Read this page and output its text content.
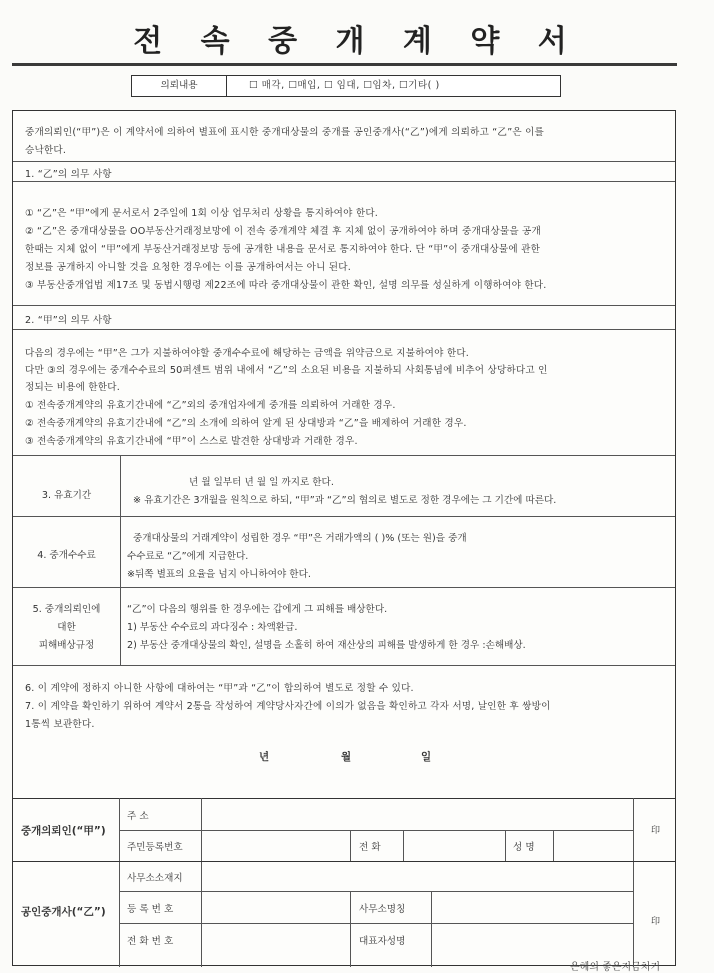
전 속 중 개 계 약 서
의뢰내용	☐ 매각, ☐매입, ☐ 임대, ☐임차, ☐기타( )
중개의뢰인(“甲”)은 이 계약서에 의하여 별표에 표시한 중개대상물의 중개를 공인중개사(“乙”)에게 의뢰하고 “乙”은 이를
승낙한다.
1. “乙”의 의무 사항
① “乙”은 “甲”에게 문서로서 2주일에 1회 이상 업무처리 상황을 통지하여야 한다.
② “乙”은 중개대상물을 OO부동산거래정보망에 이 전속 중개계약 체결 후 지체 없이 공개하여야 하며 중개대상물을 공개
한때는 지체 없이 “甲”에게 부동산거래정보망 등에 공개한 내용을 문서로 통지하여야 한다. 단 “甲”이 중개대상물에 관한
정보를 공개하지 아니할 것을 요청한 경우에는 이를 공개하여서는 아니 된다.
③ 부동산중개업법 제17조 및 동법시행령 제22조에 따라 중개대상물이 관한 확인, 설명 의무를 성실하게 이행하여야 한다.
2. “甲”의 의무 사항
다음의 경우에는 “甲”은 그가 지불하여야할 중개수수료에 해당하는 금액을 위약금으로 지불하여야 한다.
다만 ③의 경우에는 중개수수료의 50퍼센트 범위 내에서 “乙”의 소요된 비용을 지불하되 사회통념에 비추어 상당하다고 인
정되는 비용에 한한다.
① 전속중개계약의 유효기간내에 “乙”외의 중개업자에게 중개를 의뢰하여 거래한 경우.
② 전속중개계약의 유효기간내에 “乙”의 소개에 의하여 알게 된 상대방과 “乙”을 배제하여 거래한 경우.
③ 전속중개계약의 유효기간내에 “甲”이 스스로 발견한 상대방과 거래한 경우.
3. 유효기간
년 월 일부터 년 월 일 까지로 한다.
※ 유효기간은 3개월을 원칙으로 하되, “甲”과 “乙”의 협의로 별도로 정한 경우에는 그 기간에 따른다.
4. 중개수수료
중개대상물의 거래계약이 성립한 경우 “甲”은 거래가액의 ( )% (또는 원)을 중개
수수료로 “乙”에게 지급한다.
※뒤쪽 별표의 요율을 넘지 아니하여야 한다.
5. 중개의뢰인에
대한
피해배상규정
“乙”이 다음의 행위를 한 경우에는 갑에게 그 피해를 배상한다.
1) 부동산 수수료의 과다징수 : 차액환급.
2) 부동산 중개대상물의 확인, 설명을 소홀히 하여 재산상의 피해를 발생하게 한 경우 :손해배상.
6. 이 계약에 정하지 아니한 사항에 대하여는 “甲”과 “乙”이 합의하여 별도로 정할 수 있다.
7. 이 계약을 확인하기 위하여 계약서 2통을 작성하여 계약당사자간에 이의가 없음을 확인하고 각자 서명, 날인한 후 쌍방이
1통씩 보관한다.
년	월	일
중개의뢰인(“甲”)
주 소
주민등록번호	전 화	성 명
印
공인중개사(“乙”)
사무소소재지
등 록 번 호	사무소명칭
전 화 번 호	대표자성명
印
은혜의 좋은지금처기
